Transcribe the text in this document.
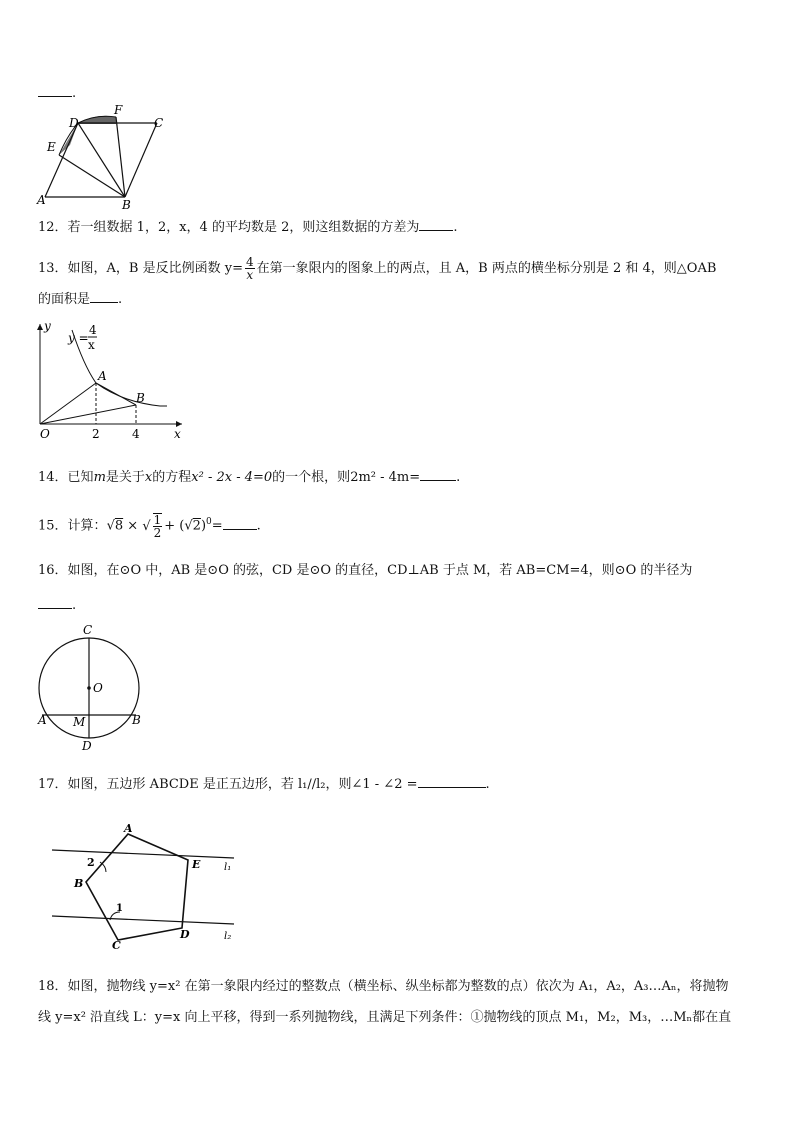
.
D
F
C
E
A	B
12．若一组数据 1，2，x，4 的平均数是 2，则这组数据的方差为	.
13．如图，A，B 是反比例函数 $y= \frac{4}{x}$ 在第一象限内的图象上的两点，且 A，B 两点的横坐标分别是 2 和 4，则△OAB
的面积是 .
y
y =
4
x
A
B
O	2	4	x
14．已知m是关于x的方程x² - 2x - 4=0的一个根，则2m² - 4m=	.
15．计算：√8 × √ $\frac{1}{2} + (√2)^0=$	.
16．如图，在⊙O 中，AB 是⊙O 的弦，CD 是⊙O 的直径，CD⊥AB 于点 M，若 AB=CM=4，则⊙O 的半径为
.
C
O
A M	B
D
17．如图，五边形 ABCDE 是正五边形，若 l₁//l₂，则∠1 - ∠2 =	.
A
B
C
D
E l₁
l₂
2
1
18．如图，抛物线 y=x² 在第一象限内经过的整数点（横坐标、纵坐标都为整数的点）依次为 A₁，A₂，A₃…Aₙ，将抛物
线 y=x² 沿直线 L：y=x 向上平移，得到一系列抛物线，且满足下列条件：①抛物线的顶点 M₁，M₂，M₃，…Mₙ都在直
